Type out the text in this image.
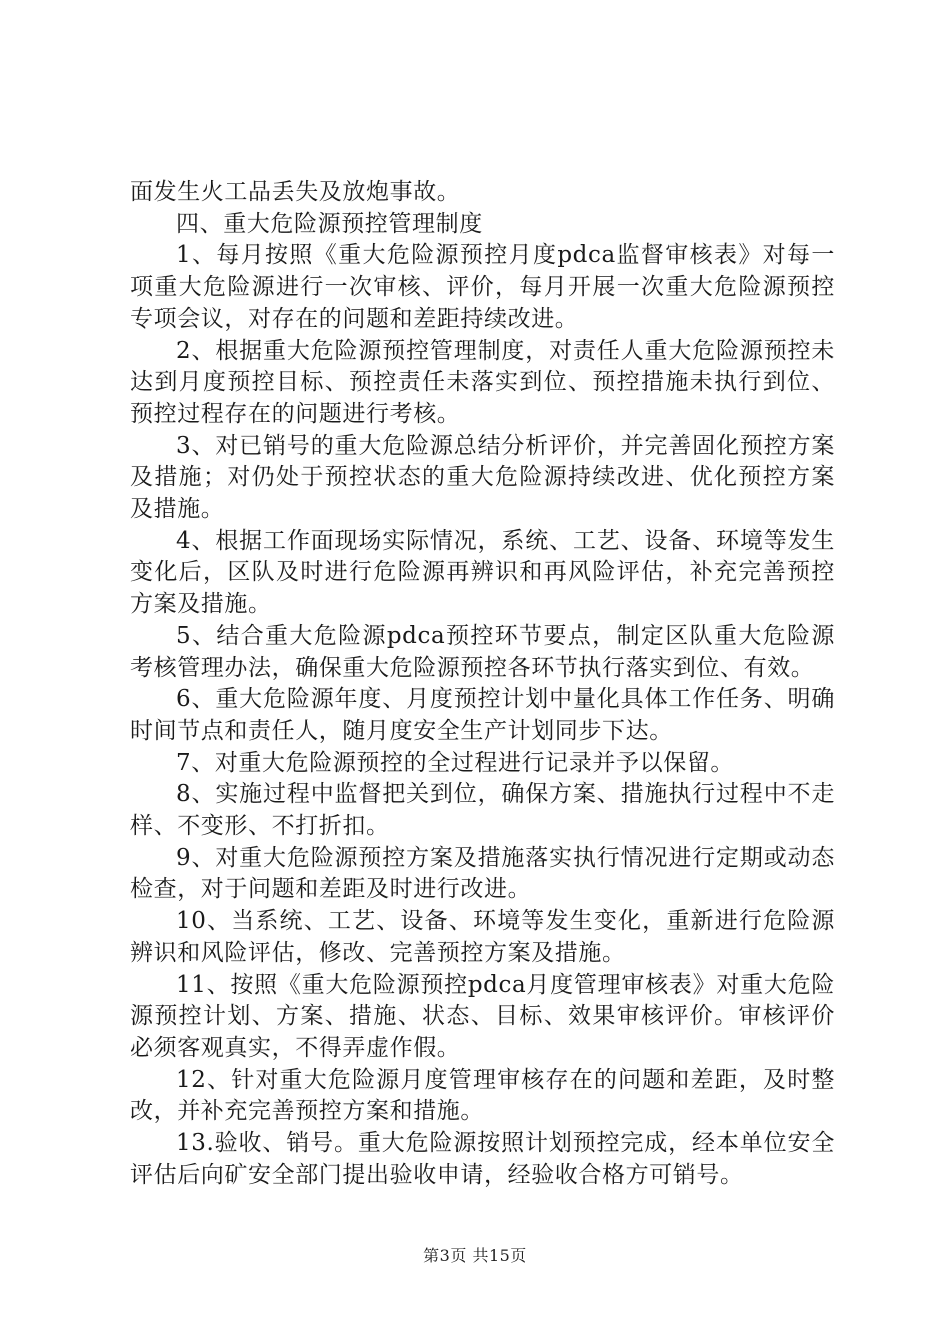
面发生火工品丢失及放炮事故。

四、重大危险源预控管理制度

1、每月按照《重大危险源预控月度pdca监督审核表》对每一项重大危险源进行一次审核、评价，每月开展一次重大危险源预控专项会议，对存在的问题和差距持续改进。

2、根据重大危险源预控管理制度，对责任人重大危险源预控未达到月度预控目标、预控责任未落实到位、预控措施未执行到位、预控过程存在的问题进行考核。

3、对已销号的重大危险源总结分析评价，并完善固化预控方案及措施；对仍处于预控状态的重大危险源持续改进、优化预控方案及措施。

4、根据工作面现场实际情况，系统、工艺、设备、环境等发生变化后，区队及时进行危险源再辨识和再风险评估，补充完善预控方案及措施。

5、结合重大危险源pdca预控环节要点，制定区队重大危险源考核管理办法，确保重大危险源预控各环节执行落实到位、有效。

6、重大危险源年度、月度预控计划中量化具体工作任务、明确时间节点和责任人，随月度安全生产计划同步下达。

7、对重大危险源预控的全过程进行记录并予以保留。

8、实施过程中监督把关到位，确保方案、措施执行过程中不走样、不变形、不打折扣。

9、对重大危险源预控方案及措施落实执行情况进行定期或动态检查，对于问题和差距及时进行改进。

10、当系统、工艺、设备、环境等发生变化，重新进行危险源辨识和风险评估，修改、完善预控方案及措施。

11、按照《重大危险源预控pdca月度管理审核表》对重大危险源预控计划、方案、措施、状态、目标、效果审核评价。审核评价必须客观真实，不得弄虚作假。

12、针对重大危险源月度管理审核存在的问题和差距，及时整改，并补充完善预控方案和措施。

13.验收、销号。重大危险源按照计划预控完成，经本单位安全评估后向矿安全部门提出验收申请，经验收合格方可销号。

第3页 共15页
